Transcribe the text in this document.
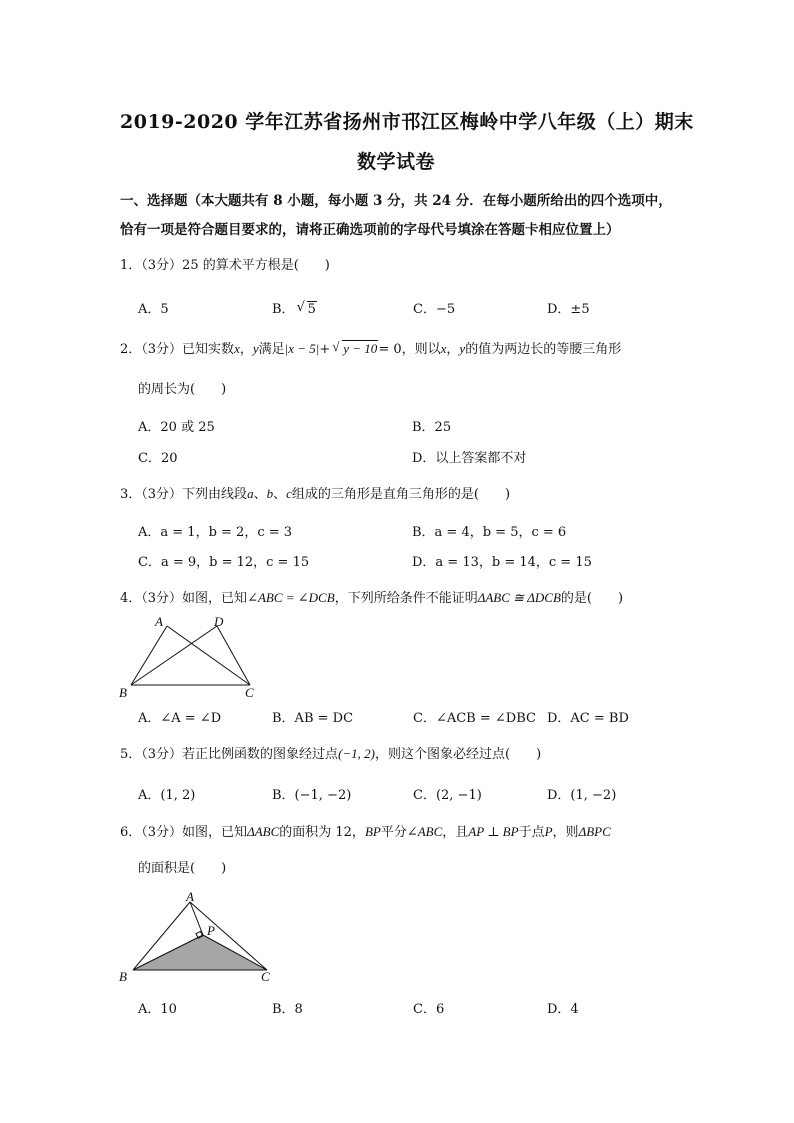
2019-2020 学年江苏省扬州市邗江区梅岭中学八年级（上）期末
数学试卷
一、选择题（本大题共有 8 小题，每小题 3 分，共 24 分．在每小题所给出的四个选项中，
恰有一项是符合题目要求的，请将正确选项前的字母代号填涂在答题卡相应位置上）
1．（3分）25 的算术平方根是(　　)
A．5	B． √ 5	C．−5	D．±5
2．（3分）已知实数x，y满足|x − 5|+ √ y − 10= 0，则以x，y的值为两边长的等腰三角形
的周长为(　　)
A．20 或 25	B．25
C．20	D．以上答案都不对
3．（3分）下列由线段a、b、c组成的三角形是直角三角形的是(　　)
A．a = 1，b = 2，c = 3	B．a = 4，b = 5，c = 6
C．a = 9，b = 12，c = 15	D．a = 13，b = 14，c = 15
4．（3分）如图，已知∠ABC = ∠DCB，下列所给条件不能证明ΔABC ≅ ΔDCB的是(　　)
A	D
B	C
A．∠A = ∠D	B．AB = DC	C．∠ACB = ∠DBC D．AC = BD
5．（3分）若正比例函数的图象经过点(−1, 2)，则这个图象必经过点(　　)
A．(1, 2)	B．(−1, −2)	C．(2, −1)	D．(1, −2)
6．（3分）如图，已知ΔABC的面积为 12，BP平分∠ABC，且AP ⊥ BP于点P，则ΔBPC
的面积是(　　)
A
P
B	C
A．10	B．8	C．6	D．4
